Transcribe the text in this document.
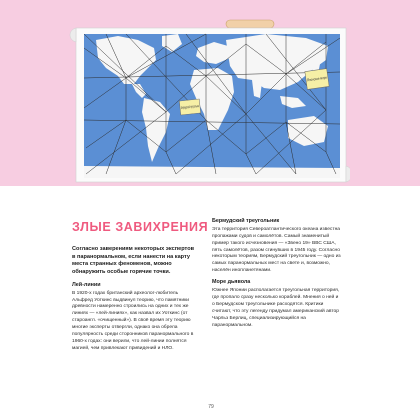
Японское море
ЗЛЫЕ ЗАВИХРЕНИЯ

Согласно заверениям некоторых экспертов в паранормальном, если нанести на карту места странных феноменов, можно обнаружить особые горячие точки.

Лей-линии

В 1920-х годах британский археолог-любитель Альфред Уоткинс выдвинул теорию, что памятники древности намеренно строились на одних и тех же линиях — «лей-линиях», как назвал их Уоткинс (от староангл. «очищенный»). В своё время эту теорию многие эксперты отвергли, однако она обрела популярность среди сторонников паранормального в 1960-х годах: они верили, что лей-линии полнятся магией, чем привлекают привидений и НЛО.

Бермудский треугольник

Эта территория Североатлантического океана известна пропажами судов и самолётов. Самый знаменитый пример такого исчезновения — «Звено 19» ВВС США, пять самолётов, разом сгинувших в 1945 году. Согласно некоторым теориям, Бермудский треугольник — одно из самых паранормальных мест на свете и, возможно, населён инопланетянами.

Море дьявола

Южнее Японии располагается треугольная территория, где пропало сразу несколько кораблей. Мнения о ней и о Бермудском треугольнике расходятся. Критики считают, что эту легенду придумал американский автор Чарльз Берлиц, специализирующийся на паранормальном.

79
